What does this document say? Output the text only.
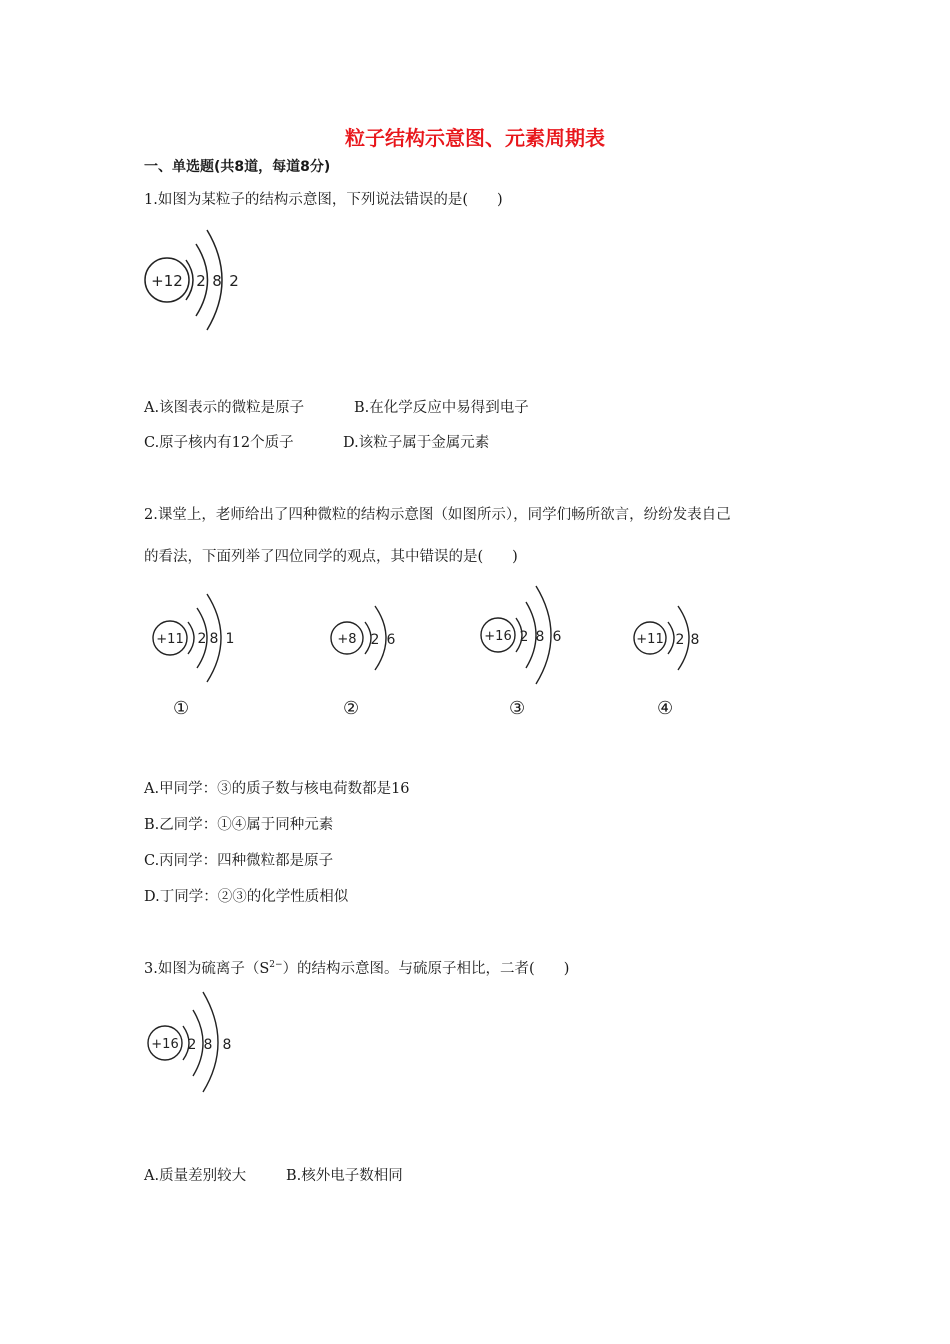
粒子结构示意图、元素周期表
一、单选题(共8道，每道8分)
1.如图为某粒子的结构示意图，下列说法错误的是(　　)
+12 2 8 2
A.该图表示的微粒是原子	B.在化学反应中易得到电子
C.原子核内有12个质子	D.该粒子属于金属元素
2.课堂上，老师给出了四种微粒的结构示意图（如图所示），同学们畅所欲言，纷纷发表自己
的看法，下面列举了四位同学的观点，其中错误的是(　　)
+11 2 8 1
①
+8 2 6
②
+16 2 8 6
③
+11 2 8
④
A.甲同学：③的质子数与核电荷数都是16
B.乙同学：①④属于同种元素
C.丙同学：四种微粒都是原子
D.丁同学：②③的化学性质相似
3.如图为硫离子$(S^{2-})$的结构示意图。与硫原子相比，二者(　　)
+16 2 8 8
A.质量差别较大	B.核外电子数相同
